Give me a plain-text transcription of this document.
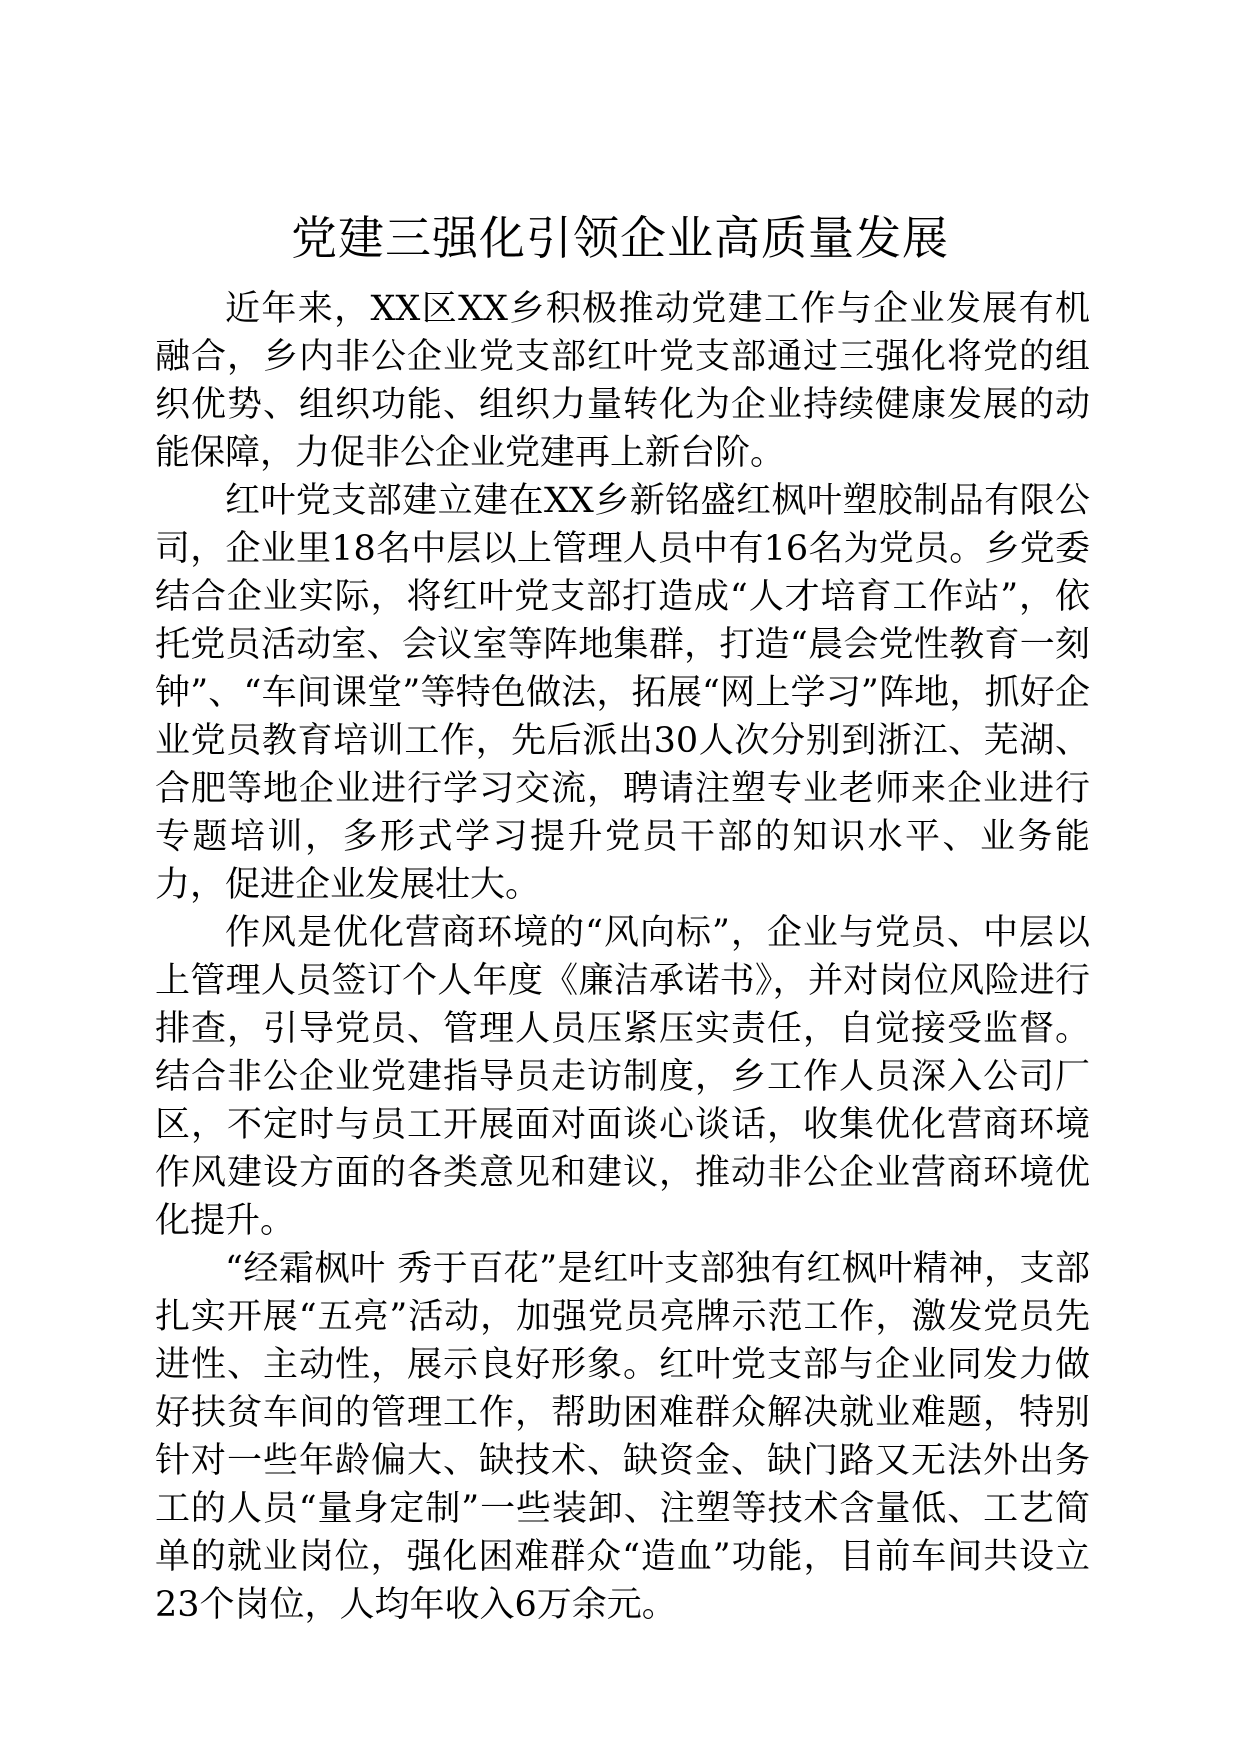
党建三强化引领企业高质量发展

近年来，XX区XX乡积极推动党建工作与企业发展有机融合，乡内非公企业党支部红叶党支部通过三强化将党的组织优势、组织功能、组织力量转化为企业持续健康发展的动能保障，力促非公企业党建再上新台阶。

红叶党支部建立建在XX乡新铭盛红枫叶塑胶制品有限公司，企业里18名中层以上管理人员中有16名为党员。乡党委结合企业实际，将红叶党支部打造成“人才培育工作站”，依托党员活动室、会议室等阵地集群，打造“晨会党性教育一刻钟”、“车间课堂”等特色做法，拓展“网上学习”阵地，抓好企业党员教育培训工作，先后派出30人次分别到浙江、芜湖、合肥等地企业进行学习交流，聘请注塑专业老师来企业进行专题培训，多形式学习提升党员干部的知识水平、业务能力，促进企业发展壮大。

作风是优化营商环境的“风向标”，企业与党员、中层以上管理人员签订个人年度《廉洁承诺书》，并对岗位风险进行排查，引导党员、管理人员压紧压实责任，自觉接受监督。结合非公企业党建指导员走访制度，乡工作人员深入公司厂区，不定时与员工开展面对面谈心谈话，收集优化营商环境作风建设方面的各类意见和建议，推动非公企业营商环境优化提升。

“经霜枫叶 秀于百花”是红叶支部独有红枫叶精神，支部扎实开展“五亮”活动，加强党员亮牌示范工作，激发党员先进性、主动性，展示良好形象。红叶党支部与企业同发力做好扶贫车间的管理工作，帮助困难群众解决就业难题，特别针对一些年龄偏大、缺技术、缺资金、缺门路又无法外出务工的人员“量身定制”一些装卸、注塑等技术含量低、工艺简单的就业岗位，强化困难群众“造血”功能，目前车间共设立23个岗位，人均年收入6万余元。
